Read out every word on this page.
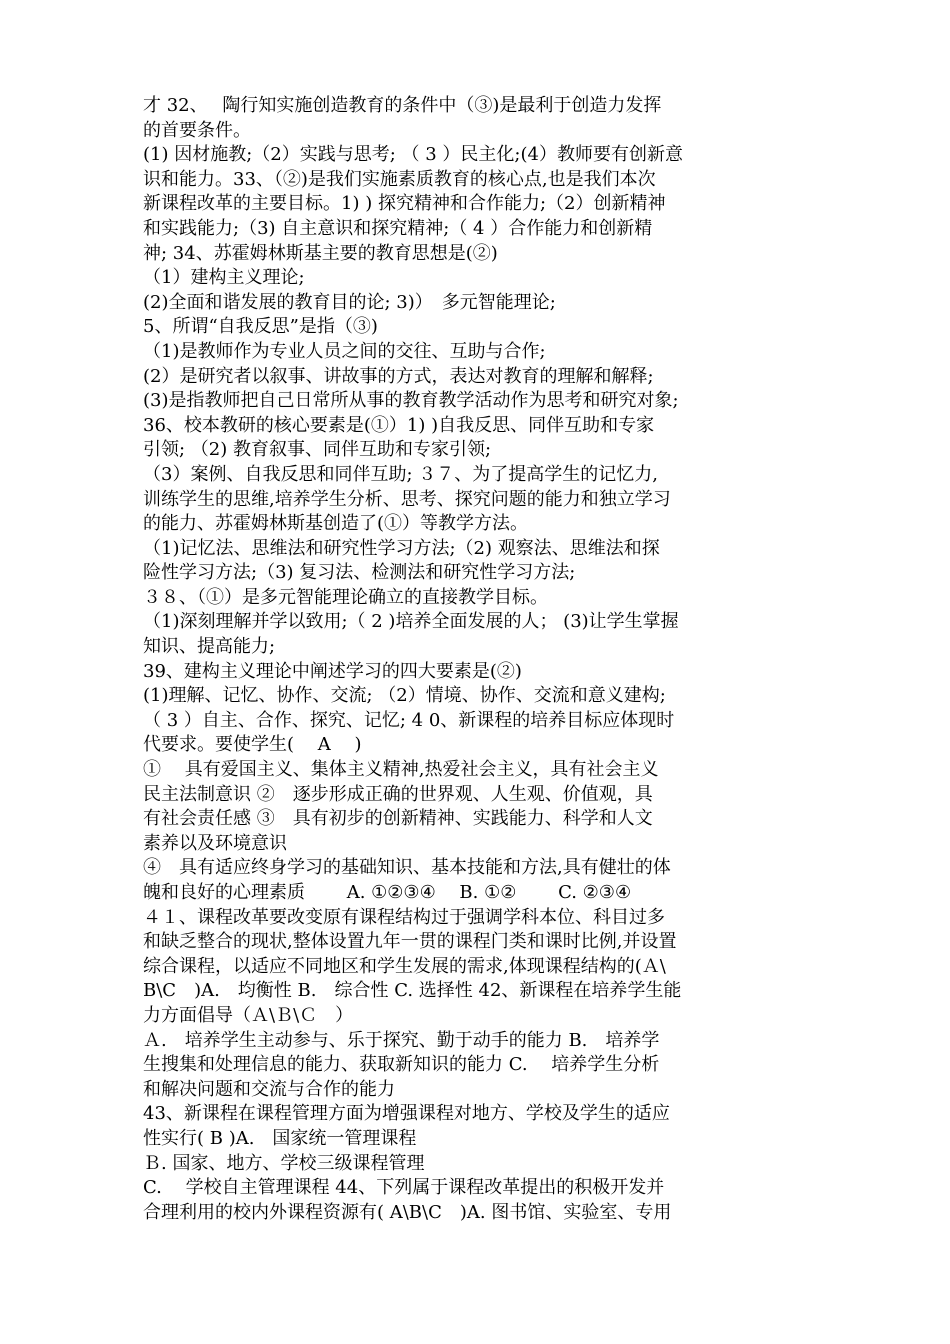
才 32、　 陶行知实施创造教育的条件中（③)是最利于创造力发挥
的首要条件。
(1) 因材施教;（2）实践与思考; （ 3 ）民主化;(4）教师要有创新意
识和能力。33、（②)是我们实施素质教育的核心点,也是我们本次
新课程改革的主要目标。1) ) 探究精神和合作能力;（2）创新精神
和实践能力;（3) 自主意识和探究精神;（ 4 ）合作能力和创新精
神; 34、苏霍姆林斯基主要的教育思想是(②)
（1）建构主义理论;
(2)全面和谐发展的教育目的论; 3)）　多元智能理论;
5、所谓“自我反思”是指（③)
（1)是教师作为专业人员之间的交往、互助与合作;
(2）是研究者以叙事、讲故事的方式，表达对教育的理解和解释;
(3)是指教师把自己日常所从事的教育教学活动作为思考和研究对象;
36、校本教研的核心要素是(①）1) )自我反思、同伴互助和专家
引领; （2) 教育叙事、同伴互助和专家引领;
（3）案例、自我反思和同伴互助; ３７、为了提高学生的记忆力,
训练学生的思维,培养学生分析、思考、探究问题的能力和独立学习
的能力、苏霍姆林斯基创造了(①）等教学方法。
（1)记忆法、思维法和研究性学习方法;（2) 观察法、思维法和探
险性学习方法;（3) 复习法、检测法和研究性学习方法;
３８、（①）是多元智能理论确立的直接教学目标。
（1)深刻理解并学以致用;（ 2 )培养全面发展的人； (3)让学生掌握
知识、提高能力;
39、建构主义理论中阐述学习的四大要素是(②)
(1)理解、记忆、协作、交流; （2）情境、协作、交流和意义建构;
（ 3 ）自主、合作、探究、记忆; 4 0、新课程的培养目标应体现时
代要求。要使学生(　 A　 )
①　 具有爱国主义、集体主义精神,热爱社会主义，具有社会主义
民主法制意识 ②　逐步形成正确的世界观、人生观、价值观，具
有社会责任感 ③　具有初步的创新精神、实践能力、科学和人文
素养以及环境意识
④　具有适应终身学习的基础知识、基本技能和方法,具有健壮的体
魄和良好的心理素质 　　A. ①②③④　 B. ①②　　 C. ②③④
４１、课程改革要改变原有课程结构过于强调学科本位、科目过多
和缺乏整合的现状,整体设置九年一贯的课程门类和课时比例,并设置
综合课程，以适应不同地区和学生发展的需求,体现课程结构的(Ａ\
B\C　)A.　均衡性 B.　综合性 C. 选择性 42、新课程在培养学生能
力方面倡导（Ａ\Ｂ\Ｃ　）
Ａ.　培养学生主动参与、乐于探究、勤于动手的能力 B.　培养学
生搜集和处理信息的能力、获取新知识的能力 C.　 培养学生分析
和解决问题和交流与合作的能力
43、新课程在课程管理方面为增强课程对地方、学校及学生的适应
性实行( B )A.　国家统一管理课程
Ｂ. 国家、地方、学校三级课程管理
C.　 学校自主管理课程 44、下列属于课程改革提出的积极开发并
合理利用的校内外课程资源有( A\B\C　)A. 图书馆、实验室、专用
